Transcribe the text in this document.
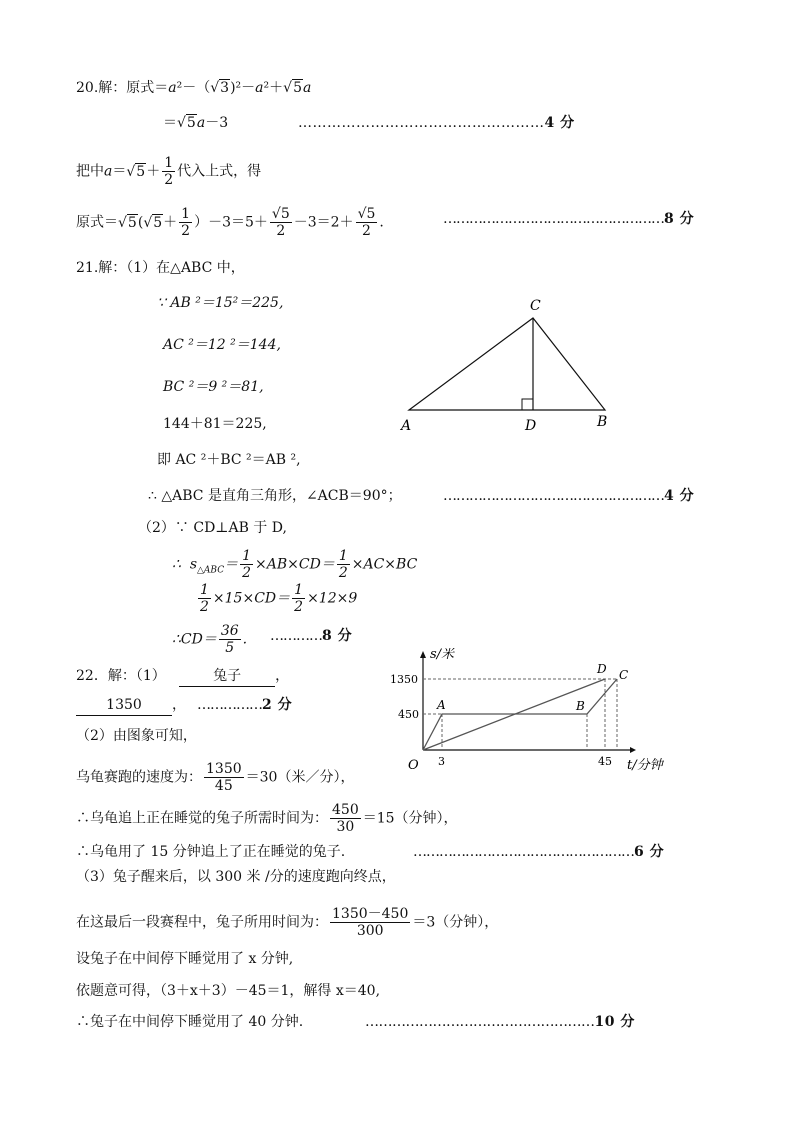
20.解：原式＝a²－（√3)²－a²＋√5a
＝√5a－3	……………………………………………4 分
把中$a=√5+ \frac{1}{2}$ 代入上式，得
原式$=√5(√5+ \frac{1}{2} )-3=5+ \frac{√5}{2} -3=2+ \frac{√5}{2}$ .	……………………………………………8 分
21.解：（1）在△ABC 中，
∵ AB ²＝15²＝225,
AC ²＝12 ²＝144,
BC ²＝9 ²＝81,
144＋81＝225,
即 AC ²＋BC ²＝AB ²,
∴ △ABC 是直角三角形，∠ACB＝90°；	……………………………………………4 分
（2）∵ CD⊥AB 于 D,
∴ $s_{\triangle ABC}= \frac{1}{2} \times AB\times CD= \frac{1}{2} \times AC\times BC$
$\frac{1}{2} \times 15\times CD= \frac{1}{2} \times 12\times 9$
∴CD＝ $\frac{36}{5}$ . …………8 分
C
A	D	B
22．解：（1）	兔子 ，
1350 ， ……………2 分
（2）由图象可知，
乌龟赛跑的速度为： $\frac{1350}{45} =30$（米／分），
∴乌龟追上正在睡觉的兔子所需时间为： $\frac{450}{30} =15$（分钟），
∴乌龟用了 15 分钟追上了正在睡觉的兔子.	……………………………………………6 分
（3）兔子醒来后，以 300 米 /分的速度跑向终点，
在这最后一段赛程中，兔子所用时间为： $\frac{1350-450}{300} =3$（分钟），
设兔子在中间停下睡觉用了 x 分钟,
依题意可得，（3＋x＋3）－45＝1，解得 x＝40,
∴兔子在中间停下睡觉用了 40 分钟.	……………………………………………10 分
s/米
t/分钟
O
1350
450
3	45
A	B
D C
